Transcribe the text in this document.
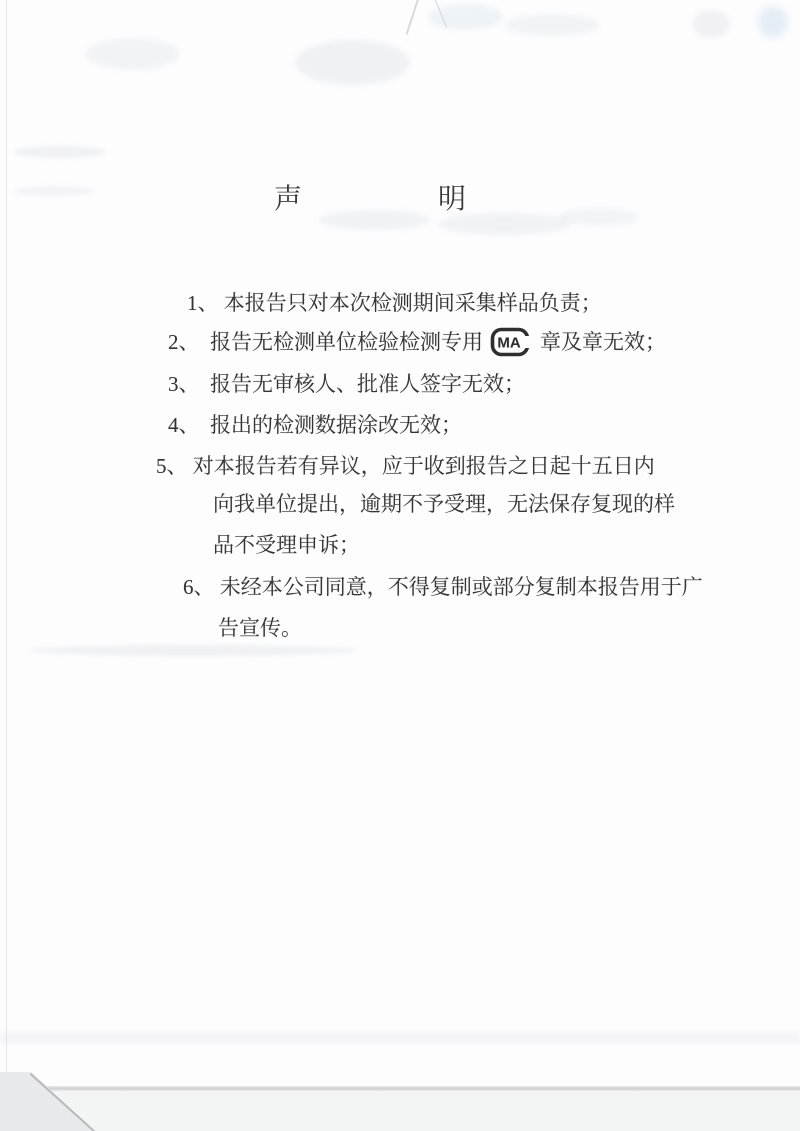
声明
1、 本报告只对本次检测期间采集样品负责；
2、　报告无检测单位检验检测专用 MA 章及章无效；
3、　报告无审核人、批准人签字无效；
4、　报出的检测数据涂改无效；
5、 对本报告若有异议，应于收到报告之日起十五日内
向我单位提出，逾期不予受理，无法保存复现的样
品不受理申诉；
6、 未经本公司同意，不得复制或部分复制本报告用于广
告宣传。
